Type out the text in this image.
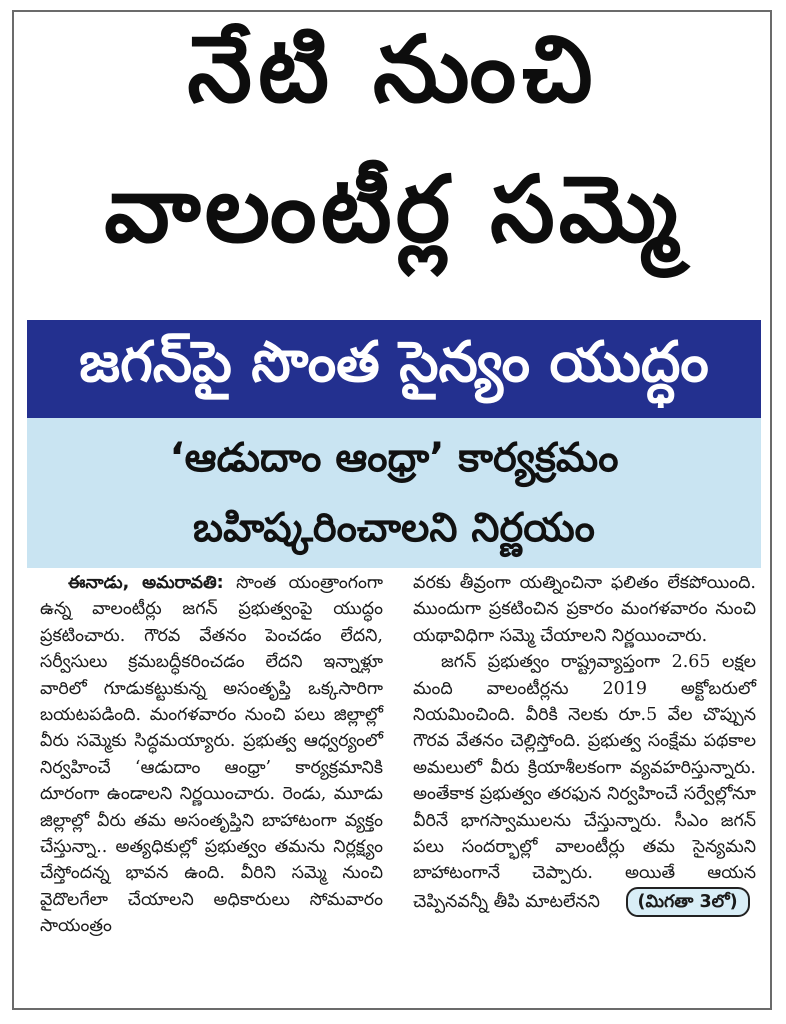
నేటి నుంచి
వాలంటీర్ల సమ్మె
జగన్‌పై సొంత సైన్యం యుద్ధం
‘ఆడుదాం ఆంధ్రా’ కార్యక్రమం
బహిష్కరించాలని నిర్ణయం

ఈనాడు, అమరావతి: సొంత యంత్రాంగంగా ఉన్న వాలంటీర్లు జగన్ ప్రభుత్వంపై యుద్ధం ప్రకటించారు. గౌరవ వేతనం పెంచడం లేదని, సర్వీసులు క్రమబద్ధీకరించడం లేదని ఇన్నాళ్లూ వారిలో గూడుకట్టుకున్న అసంతృప్తి ఒక్కసారిగా బయటపడింది. మంగళవారం నుంచి పలు జిల్లాల్లో వీరు సమ్మెకు సిద్ధమయ్యారు. ప్రభుత్వ ఆధ్వర్యంలో నిర్వహించే ‘ఆడుదాం ఆంధ్రా’ కార్యక్రమానికి దూరంగా ఉండాలని నిర్ణయించారు. రెండు, మూడు జిల్లాల్లో వీరు తమ అసంతృప్తిని బాహాటంగా వ్యక్తం చేస్తున్నా.. అత్యధికుల్లో ప్రభుత్వం తమను నిర్లక్ష్యం చేస్తోందన్న భావన ఉంది. వీరిని సమ్మె నుంచి వైదొలగేలా చేయాలని అధికారులు సోమవారం సాయంత్రం

వరకు తీవ్రంగా యత్నించినా ఫలితం లేకపోయింది. ముందుగా ప్రకటించిన ప్రకారం మంగళవారం నుంచి యథావిధిగా సమ్మె చేయాలని నిర్ణయించారు.

జగన్ ప్రభుత్వం రాష్ట్రవ్యాప్తంగా 2.65 లక్షల మంది వాలంటీర్లను 2019 అక్టోబరులో నియమించింది. వీరికి నెలకు రూ.5 వేల చొప్పున గౌరవ వేతనం చెల్లిస్తోంది. ప్రభుత్వ సంక్షేమ పథకాల అమలులో వీరు క్రియాశీలకంగా వ్యవహరిస్తున్నారు. అంతేకాక ప్రభుత్వం తరఫున నిర్వహించే సర్వేల్లోనూ వీరినే భాగస్వాములను చేస్తున్నారు. సీఎం జగన్ పలు సందర్భాల్లో వాలంటీర్లు తమ సైన్యమని బాహాటంగానే చెప్పారు. అయితే ఆయన చెప్పినవన్నీ తీపి మాటలేనని (మిగతా 3లో)
